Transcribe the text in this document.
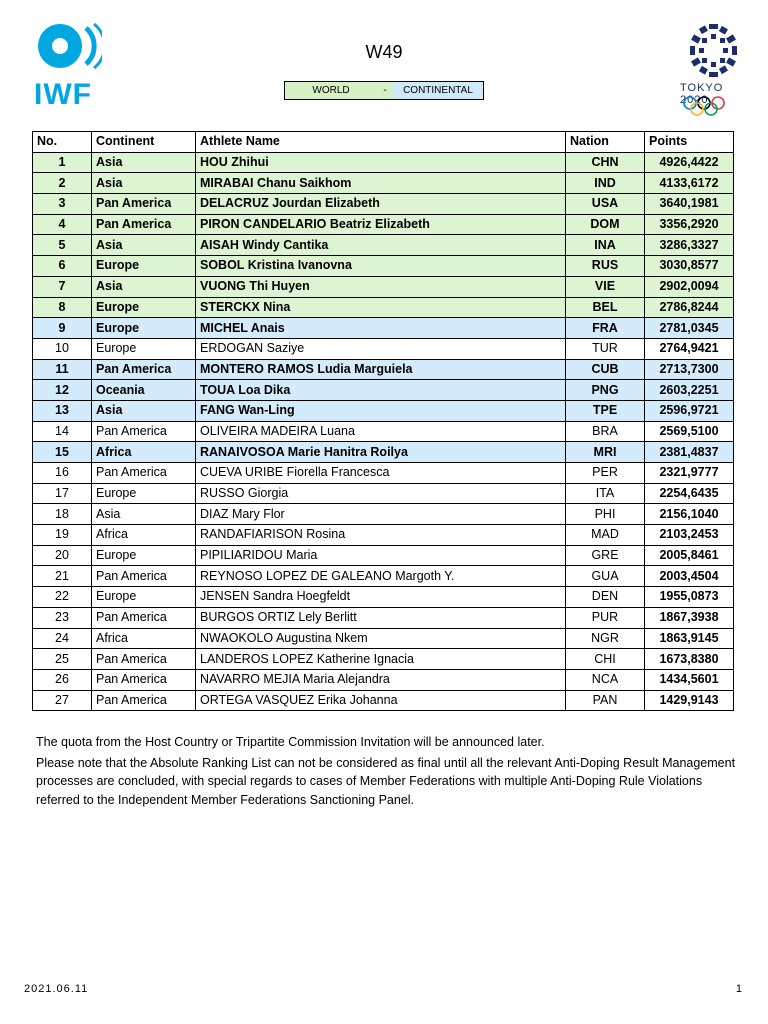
IWF	TOKYO 2020
W49
WORLD	-	CONTINENTAL
No.	Continent	Athlete Name	Nation	Points
1	Asia	HOU Zhihui	CHN	4926,4422
2	Asia	MIRABAI Chanu Saikhom	IND	4133,6172
3	Pan America	DELACRUZ Jourdan Elizabeth	USA	3640,1981
4	Pan America	PIRON CANDELARIO Beatriz Elizabeth	DOM	3356,2920
5	Asia	AISAH Windy Cantika	INA	3286,3327
6	Europe	SOBOL Kristina Ivanovna	RUS	3030,8577
7	Asia	VUONG Thi Huyen	VIE	2902,0094
8	Europe	STERCKX Nina	BEL	2786,8244
9	Europe	MICHEL Anais	FRA	2781,0345
10	Europe	ERDOGAN Saziye	TUR	2764,9421
11	Pan America	MONTERO RAMOS Ludia Marguiela	CUB	2713,7300
12	Oceania	TOUA Loa Dika	PNG	2603,2251
13	Asia	FANG Wan-Ling	TPE	2596,9721
14	Pan America	OLIVEIRA MADEIRA Luana	BRA	2569,5100
15	Africa	RANAIVOSOA Marie Hanitra Roilya	MRI	2381,4837
16	Pan America	CUEVA URIBE Fiorella Francesca	PER	2321,9777
17	Europe	RUSSO Giorgia	ITA	2254,6435
18	Asia	DIAZ Mary Flor	PHI	2156,1040
19	Africa	RANDAFIARISON Rosina	MAD	2103,2453
20	Europe	PIPILIARIDOU Maria	GRE	2005,8461
21	Pan America	REYNOSO LOPEZ DE GALEANO Margoth Y.	GUA	2003,4504
22	Europe	JENSEN Sandra Hoegfeldt	DEN	1955,0873
23	Pan America	BURGOS ORTIZ Lely Berlitt	PUR	1867,3938
24	Africa	NWAOKOLO Augustina Nkem	NGR	1863,9145
25	Pan America	LANDEROS LOPEZ Katherine Ignacia	CHI	1673,8380
26	Pan America	NAVARRO MEJIA Maria Alejandra	NCA	1434,5601
27	Pan America	ORTEGA VASQUEZ Erika Johanna	PAN	1429,9143

The quota from the Host Country or Tripartite Commission Invitation will be announced later.

Please note that the Absolute Ranking List can not be considered as final until all the relevant Anti-Doping Result Management processes are concluded, with special regards to cases of Member Federations with multiple Anti-Doping Rule Violations referred to the Independent Member Federations Sanctioning Panel.

2021.06.11	1
